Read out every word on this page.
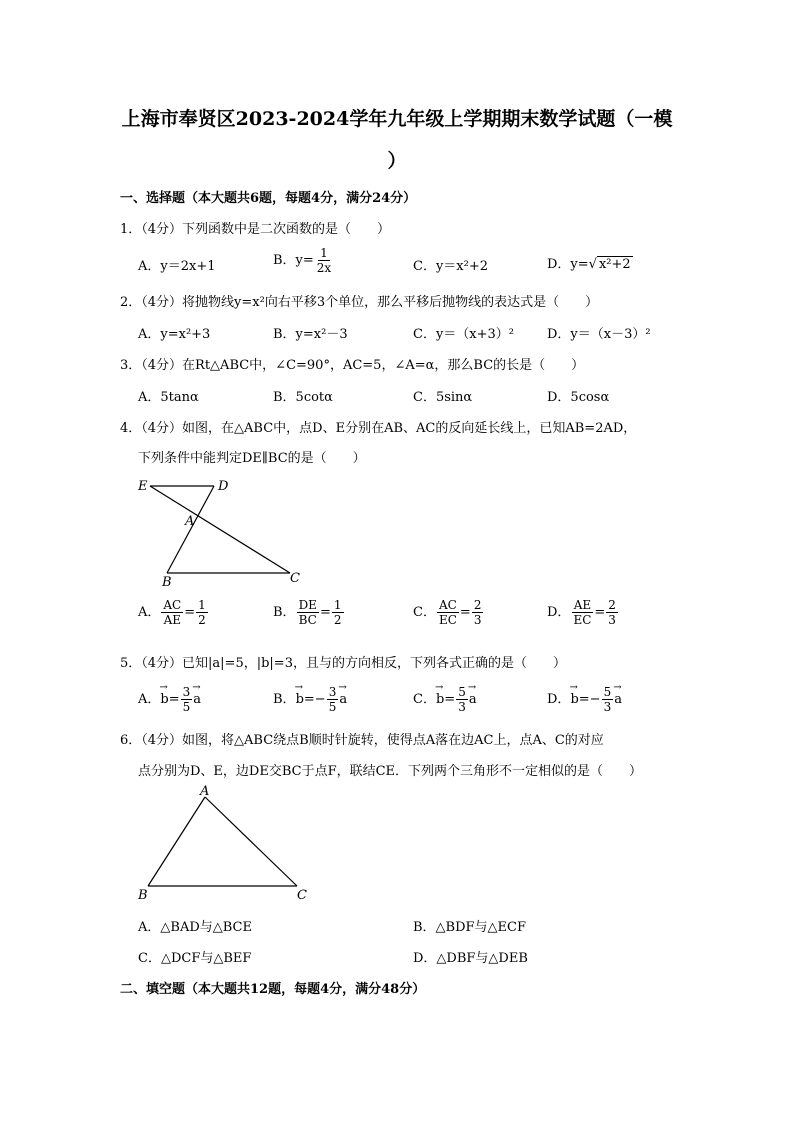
上海市奉贤区2023-2024学年九年级上学期期末数学试题（一模
）
一、选择题（本大题共6题，每题4分，满分24分）
1．（4分）下列函数中是二次函数的是（　　）
A．y＝2x+1	B．$y= \frac{1}{2x}$	C．y＝x²+2	D．y=√ x²+2
2．（4分）将抛物线y=x²向右平移3个单位，那么平移后抛物线的表达式是（　　）
A．y=x²+3	B．y=x²－3	C．y＝（x+3）²	D．y＝（x－3）²
3．（4分）在Rt△ABC中，∠C=90°，AC=5，∠A=α，那么BC的长是（　　）
A．5tanα	B．5cotα	C．5sinα	D．5cosα
4．（4分）如图，在△ABC中，点D、E分别在AB、AC的反向延长线上，已知AB=2AD，
下列条件中能判定DE∥BC的是（　　）
E	D
A
B	C
A． $\frac{AC}{AE} = \frac{1}{2}$	B． $\frac{DE}{BC} = \frac{1}{2}$	C． $\frac{AC}{EC} = \frac{2}{3}$	D． $\frac{AE}{EC} = \frac{2}{3}$
5．（4分）已知|a|=5，|b|=3，且与的方向相反，下列各式正确的是（　　）
A．→ $b= \frac{3}{5}$
→ a	B．→ $b=- \frac{3}{5}$
→ a	C．→ $b= \frac{5}{3}$
→ a	D．→ $b=- \frac{5}{3}$
→ a
6．（4分）如图，将△ABC绕点B顺时针旋转，使得点A落在边AC上，点A、C的对应
点分别为D、E，边DE交BC于点F，联结CE．下列两个三角形不一定相似的是（　　）
A
B	C
A．△BAD与△BCE	B．△BDF与△ECF
C．△DCF与△BEF	D．△DBF与△DEB
二、填空题（本大题共12题，每题4分，满分48分）
